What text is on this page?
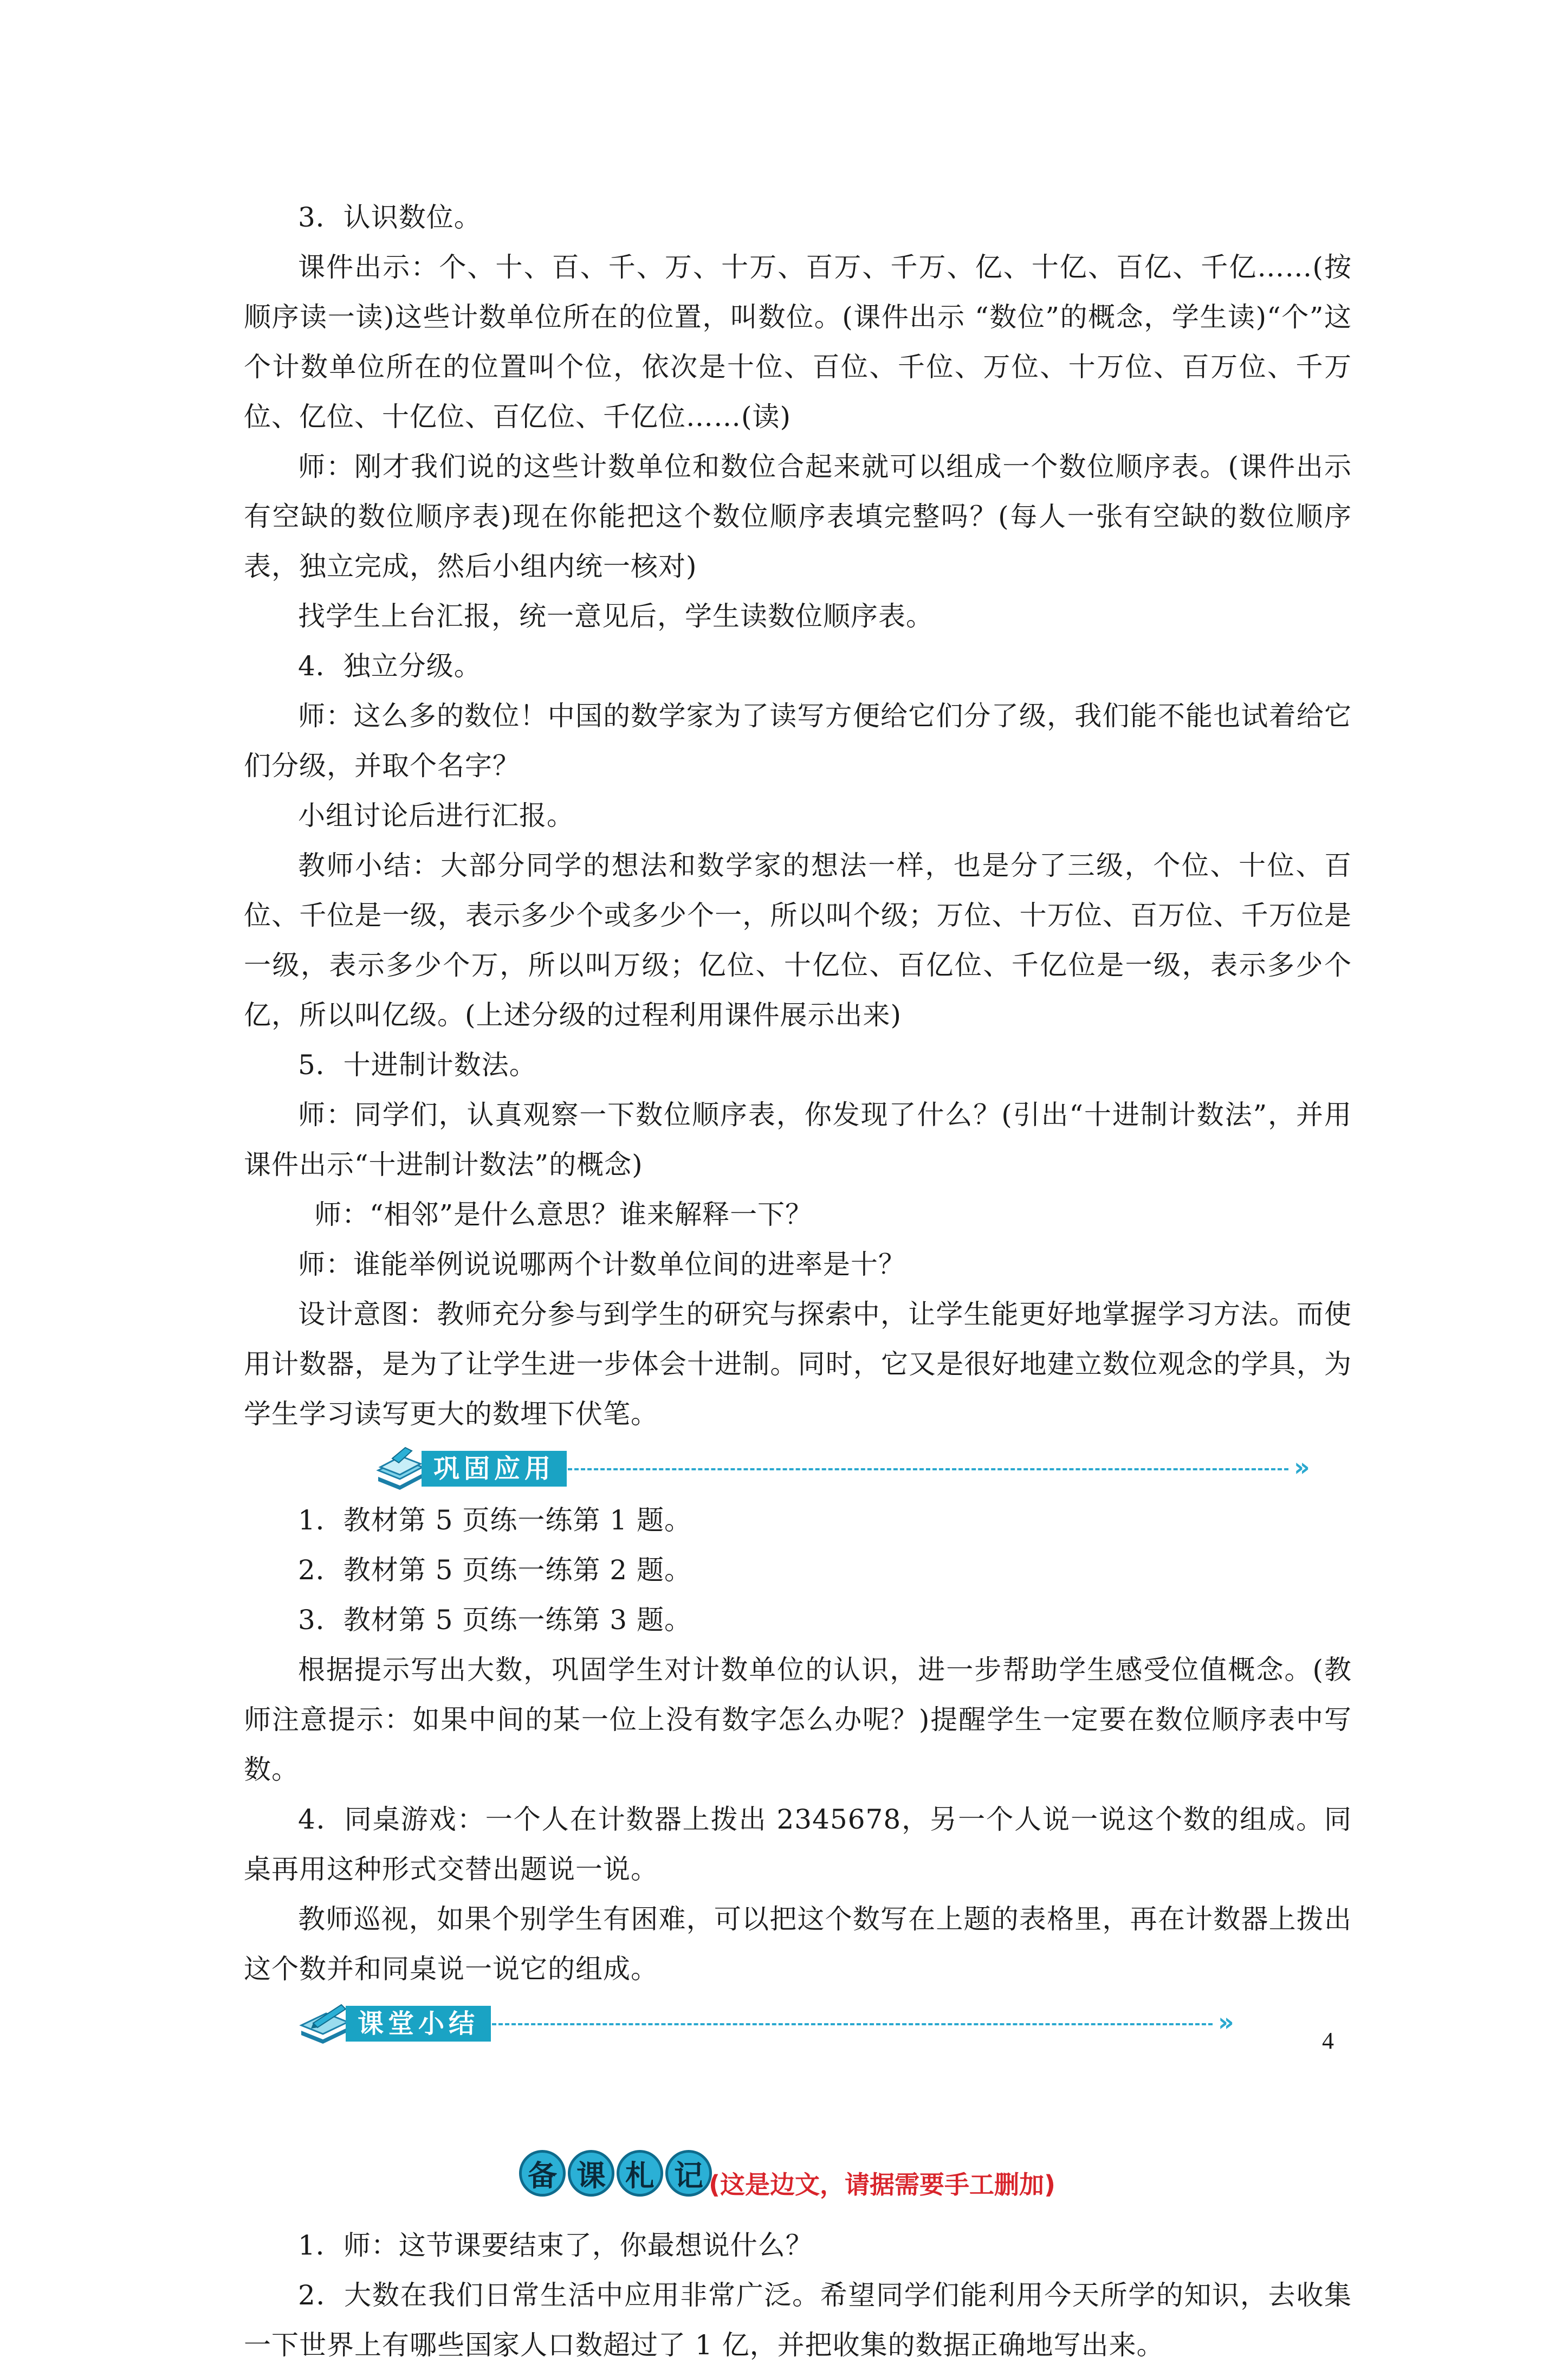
3．认识数位。

课件出示：个、十、百、千、万、十万、百万、千万、亿、十亿、百亿、千亿……(按顺序读一读)这些计数单位所在的位置，叫数位。(课件出示 “数位”的概念，学生读)“个”这个计数单位所在的位置叫个位，依次是十位、百位、千位、万位、十万位、百万位、千万位、亿位、十亿位、百亿位、千亿位……(读)

师：刚才我们说的这些计数单位和数位合起来就可以组成一个数位顺序表。(课件出示有空缺的数位顺序表)现在你能把这个数位顺序表填完整吗？(每人一张有空缺的数位顺序表，独立完成，然后小组内统一核对)

找学生上台汇报，统一意见后，学生读数位顺序表。

4．独立分级。

师：这么多的数位！中国的数学家为了读写方便给它们分了级，我们能不能也试着给它们分级，并取个名字？

小组讨论后进行汇报。

教师小结：大部分同学的想法和数学家的想法一样，也是分了三级，个位、十位、百位、千位是一级，表示多少个或多少个一，所以叫个级；万位、十万位、百万位、千万位是一级，表示多少个万，所以叫万级；亿位、十亿位、百亿位、千亿位是一级，表示多少个亿，所以叫亿级。(上述分级的过程利用课件展示出来)

5．十进制计数法。

师：同学们，认真观察一下数位顺序表，你发现了什么？(引出“十进制计数法”，并用课件出示“十进制计数法”的概念)

师：“相邻”是什么意思？谁来解释一下？

师：谁能举例说说哪两个计数单位间的进率是十？

设计意图：教师充分参与到学生的研究与探索中，让学生能更好地掌握学习方法。而使用计数器，是为了让学生进一步体会十进制。同时，它又是很好地建立数位观念的学具，为学生学习读写更大的数埋下伏笔。

巩固应用	»

1．教材第 5 页练一练第 1 题。

2．教材第 5 页练一练第 2 题。

3．教材第 5 页练一练第 3 题。

根据提示写出大数，巩固学生对计数单位的认识，进一步帮助学生感受位值概念。(教师注意提示：如果中间的某一位上没有数字怎么办呢？)提醒学生一定要在数位顺序表中写数。

4．同桌游戏：一个人在计数器上拨出 2345678，另一个人说一说这个数的组成。同桌再用这种形式交替出题说一说。

教师巡视，如果个别学生有困难，可以把这个数写在上题的表格里，再在计数器上拨出这个数并和同桌说一说它的组成。

课堂小结	»
备 课 札 记 (这是边文，请据需要手工删加)

1．师：这节课要结束了，你最想说什么？

2．大数在我们日常生活中应用非常广泛。希望同学们能利用今天所学的知识，去收集一下世界上有哪些国家人口数超过了 1 亿，并把收集的数据正确地写出来。

4
